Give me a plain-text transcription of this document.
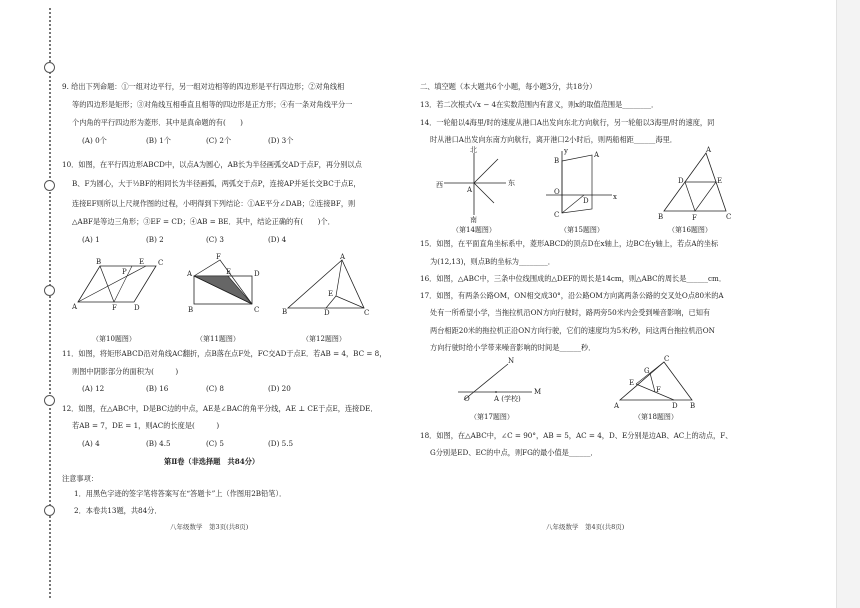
9. 给出下列命题：①一组对边平行，另一组对边相等的四边形是平行四边形；②对角线相
等的四边形是矩形；③对角线互相垂直且相等的四边形是正方形；④有一条对角线平分一
个内角的平行四边形为菱形．其中是真命题的有(　　)
(A) 0个	(B) 1个	(C) 2个	(D) 3个
10．如图，在平行四边形ABCD中，以点A为圆心，AB长为半径画弧交AD于点F，再分别以点
B、F为圆心，大于½BF的相同长为半径画弧，两弧交于点P，连接AP并延长交BC于点E，
连接EF则所以上尺规作图的过程，小明得到下列结论：①AE平分∠DAB；②连接BF，则
△ABF是等边三角形；③EF = CD；④AB = BE．其中，结论正确的有(　　)个．
(A) 1	(B) 2	(C) 3	(D) 4
B
P
E C
A	F D
F
A	E	D
B	C
A
E
B	D	C
（第10题图）	（第11题图）	（第12题图）
11．如图，将矩形ABCD沿对角线AC翻折，点B落在点F处，FC交AD于点E．若AB = 4，BC = 8，
则图中阴影部分的面积为(　　　)
(A) 12	(B) 16	(C) 8	(D) 20
12．如图，在△ABC中，D是BC边的中点，AE是∠BAC的角平分线，AE ⊥ CE于点E，连接DE．
若AB = 7，DE = 1，则AC的长度是(　　　)
(A) 4	(B) 4.5	(C) 5	(D) 5.5
第Ⅱ卷（非选择题　共84分）
注意事项：
1．用黑色字迹的签字笔将答案写在“答题卡”上（作图用2B铅笔）．
2．本卷共13题，共84分．
八年级数学　第3页(共8页)
二、填空题（本大题共6个小题，每小题3分，共18分）
13．若二次根式√x − 4在实数范围内有意义，则x的取值范围是________．
14．一轮船以4海里/时的速度从港口A出发向东北方向航行，另一轮船以3海里/时的速度，同
时从港口A出发向东南方向航行，离开港口2小时后，则两船相距______海里．
北
东
西
南
A
y	A
B
C
O
D	x
A
D	E
F
B	C
（第14题图）	（第15题图）	（第16题图）
15．如图，在平面直角坐标系中，菱形ABCD的顶点D在x轴上，边BC在y轴上，若点A的坐标
为(12,13)，则点B的坐标为________．
16．如图，△ABC中，三条中位线围成的△DEF的周长是14cm，则△ABC的周长是______cm．
17．如图，有两条公路OM，ON相交成30°，沿公路OM方向离两条公路的交叉处O点80米的A
处有一所希望小学，当拖拉机沿ON方向行驶时，路两旁50米内会受到噪音影响，已知有
两台相距20米的拖拉机正沿ON方向行驶，它们的速度均为5米/秒，问这两台拖拉机沿ON
方向行驶时给小学带来噪音影响的时间是______秒．
N
O	A (学校)
M
C
G
E
F
A	D B
（第17题图）	（第18题图）
18．如图，在△ABC中，∠C = 90°，AB = 5，AC = 4，D、E分别是边AB、AC上的动点，F、
G分别是ED、EC的中点，则FG的最小值是______．
八年级数学　第4页(共8页)
